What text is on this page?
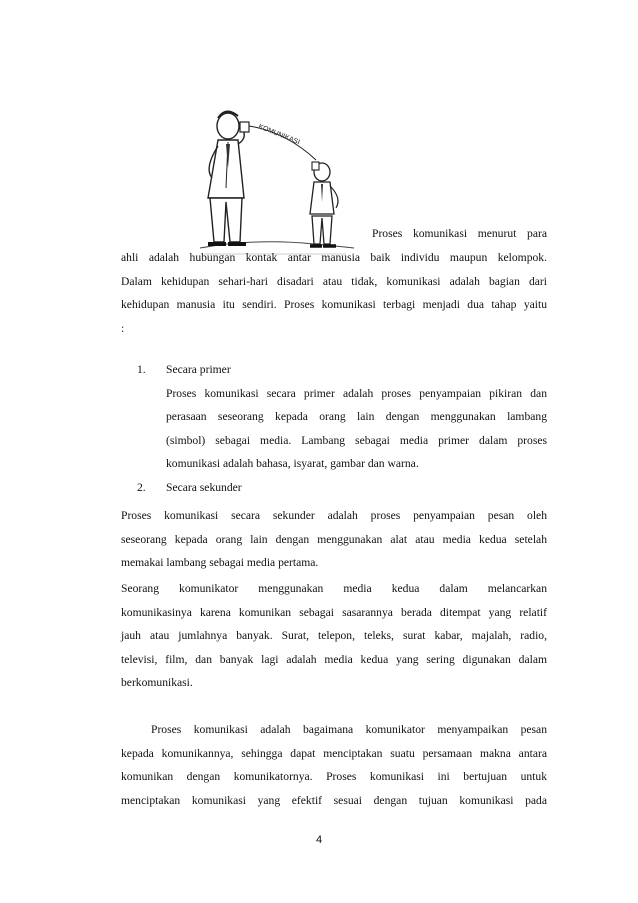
KOMUNIKASI
Proses komunikasi menurut para
ahli adalah hubungan kontak antar manusia baik individu maupun kelompok.
Dalam kehidupan sehari-hari disadari atau tidak, komunikasi adalah bagian dari
kehidupan manusia itu sendiri. Proses komunikasi terbagi menjadi dua tahap yaitu
:
1. Secara primer
Proses komunikasi secara primer adalah proses penyampaian pikiran dan
perasaan seseorang kepada orang lain dengan menggunakan lambang
(simbol) sebagai media. Lambang sebagai media primer dalam proses
komunikasi adalah bahasa, isyarat, gambar dan warna.
2. Secara sekunder
Proses komunikasi secara sekunder adalah proses penyampaian pesan oleh
seseorang kepada orang lain dengan menggunakan alat atau media kedua setelah
memakai lambang sebagai media pertama.
Seorang komunikator menggunakan media kedua dalam melancarkan
komunikasinya karena komunikan sebagai sasarannya berada ditempat yang relatif
jauh atau jumlahnya banyak. Surat, telepon, teleks, surat kabar, majalah, radio,
televisi, film, dan banyak lagi adalah media kedua yang sering digunakan dalam
berkomunikasi.
Proses komunikasi adalah bagaimana komunikator menyampaikan pesan
kepada komunikannya, sehingga dapat menciptakan suatu persamaan makna antara
komunikan dengan komunikatornya. Proses komunikasi ini bertujuan untuk
menciptakan komunikasi yang efektif sesuai dengan tujuan komunikasi pada
4
